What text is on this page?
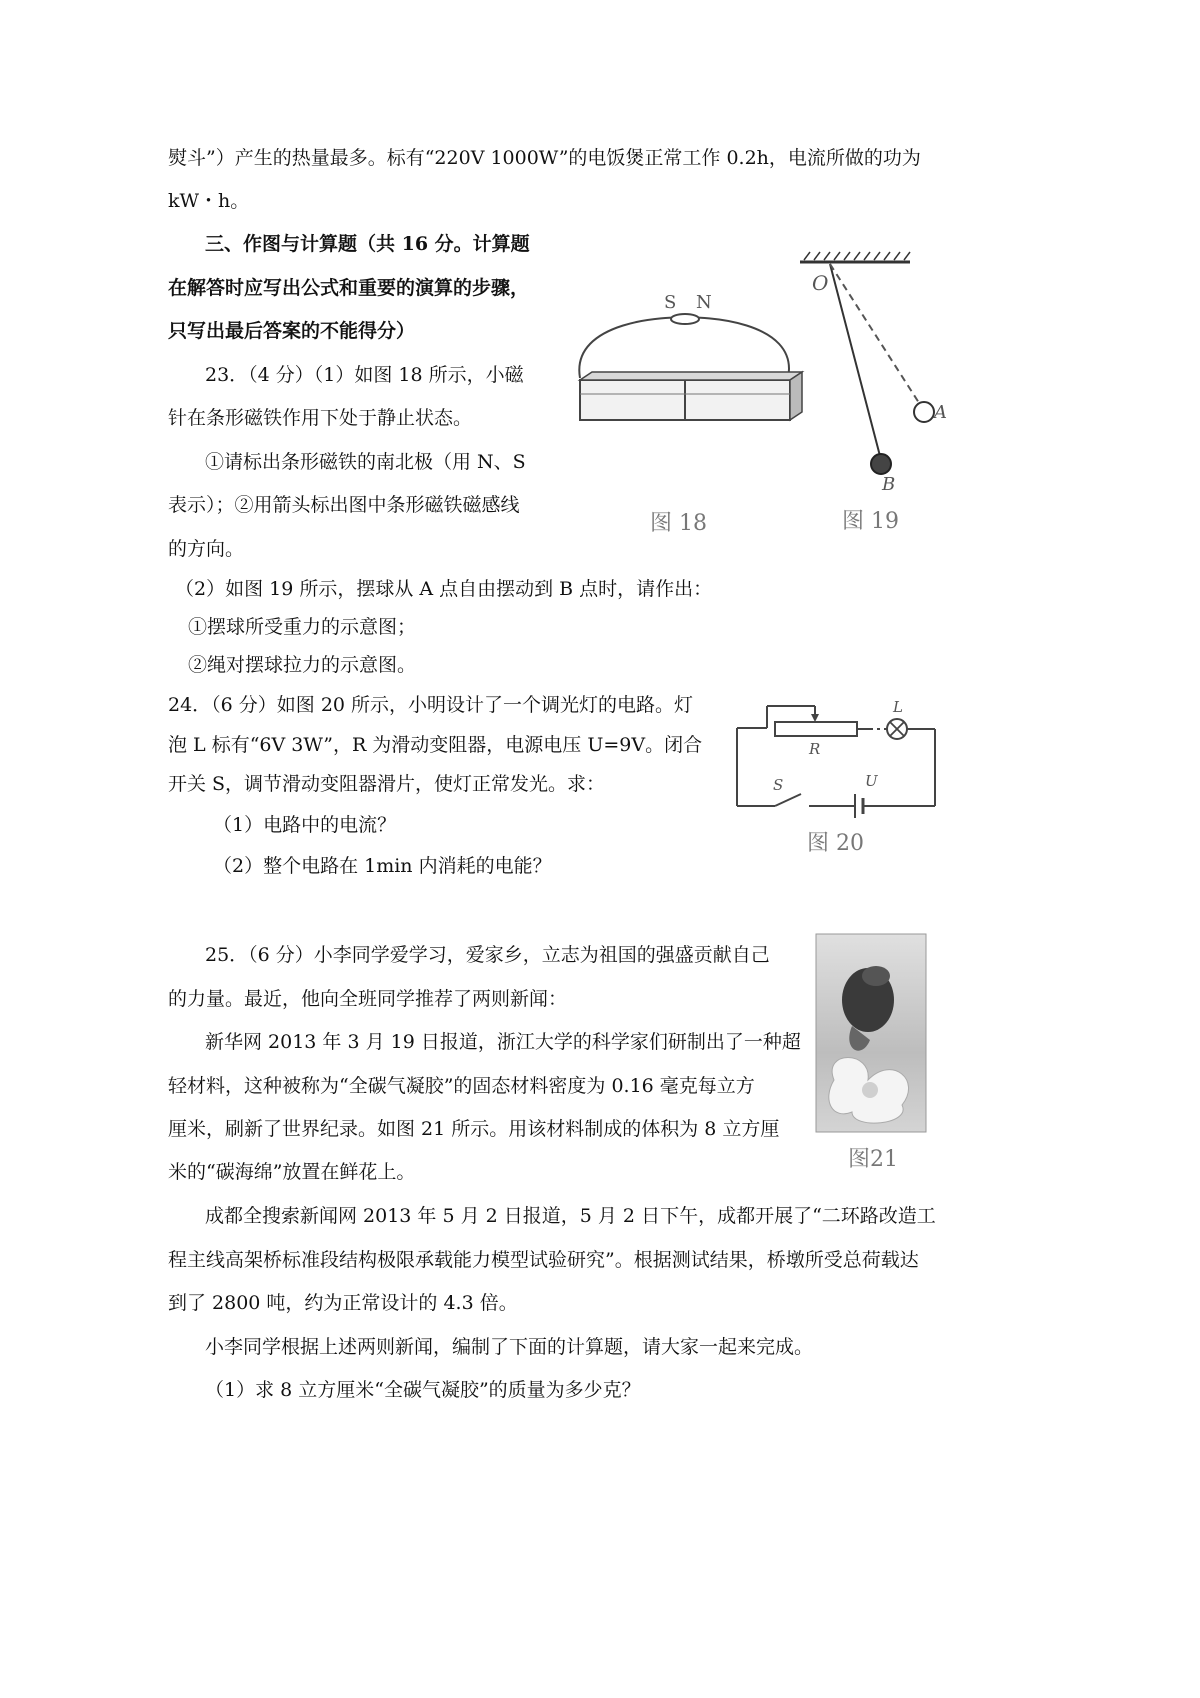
熨斗”）产生的热量最多。标有“220V 1000W”的电饭煲正常工作 0.2h，电流所做的功为
kW・h。
三、作图与计算题（共 16 分。计算题
在解答时应写出公式和重要的演算的步骤，
只写出最后答案的不能得分）
23．（4 分）（1）如图 18 所示，小磁
针在条形磁铁作用下处于静止状态。
①请标出条形磁铁的南北极（用 N、S
表示）；②用箭头标出图中条形磁铁磁感线
的方向。
（2）如图 19 所示，摆球从 A 点自由摆动到 B 点时，请作出：
①摆球所受重力的示意图；
②绳对摆球拉力的示意图。
24．（6 分）如图 20 所示，小明设计了一个调光灯的电路。灯
泡 L 标有“6V 3W”，R 为滑动变阻器，电源电压 U=9V。闭合
开关 S，调节滑动变阻器滑片，使灯正常发光。求：
（1）电路中的电流？
（2）整个电路在 1min 内消耗的电能？
25．（6 分）小李同学爱学习，爱家乡，立志为祖国的强盛贡献自己
的力量。最近，他向全班同学推荐了两则新闻：
新华网 2013 年 3 月 19 日报道，浙江大学的科学家们研制出了一种超
轻材料，这种被称为“全碳气凝胶”的固态材料密度为 0.16 毫克每立方
厘米，刷新了世界纪录。如图 21 所示。用该材料制成的体积为 8 立方厘
米的“碳海绵”放置在鲜花上。
成都全搜索新闻网 2013 年 5 月 2 日报道，5 月 2 日下午，成都开展了“二环路改造工
程主线高架桥标准段结构极限承载能力模型试验研究”。根据测试结果，桥墩所受总荷载达
到了 2800 吨，约为正常设计的 4.3 倍。
小李同学根据上述两则新闻，编制了下面的计算题，请大家一起来完成。
（1）求 8 立方厘米“全碳气凝胶”的质量为多少克？
S N
图 18
O
A
B
图 19
R
L
S	U
图 20
图21
